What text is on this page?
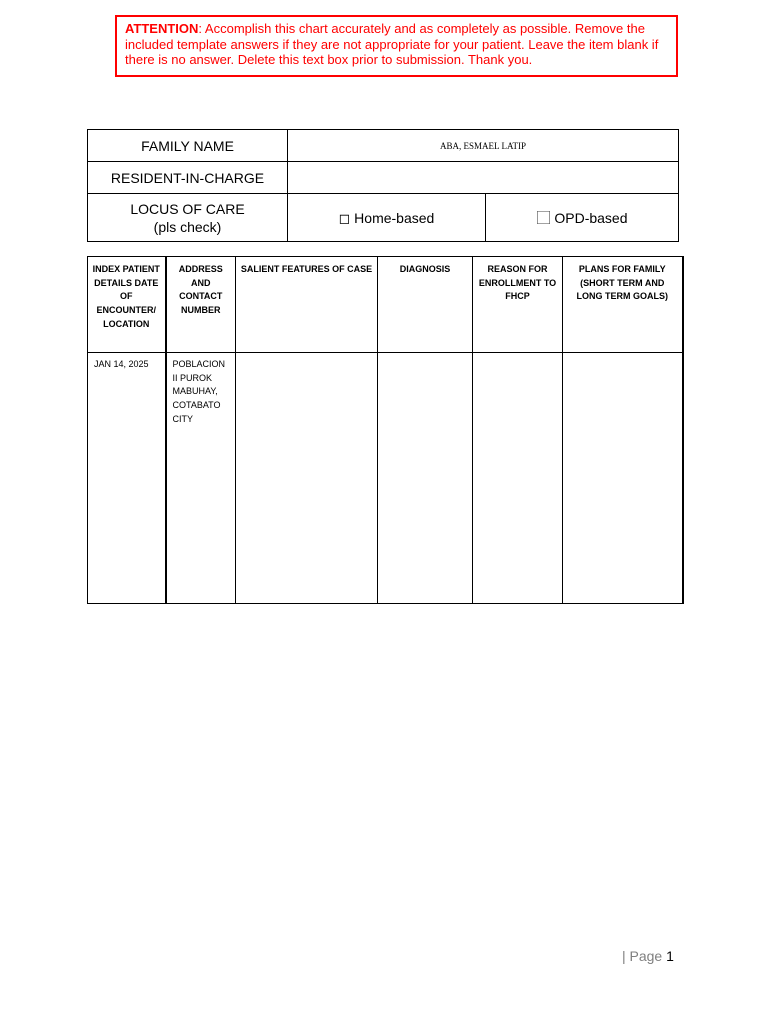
ATTENTION: Accomplish this chart accurately and as completely as possible. Remove the included template answers if they are not appropriate for your patient. Leave the item blank if there is no answer. Delete this text box prior to submission. Thank you.
FAMILY NAME	ABA, ESMAEL LATIP	
RESIDENT-IN-CHARGE		
LOCUS OF CARE
(pls check)	◻ Home-based	⃞ OPD-based
INDEX PATIENT DETAILS DATE OF ENCOUNTER/ LOCATION	ADDRESS AND CONTACT NUMBER	SALIENT FEATURES OF CASE	DIAGNOSIS	REASON FOR ENROLLMENT TO FHCP	PLANS FOR FAMILY (SHORT TERM AND LONG TERM GOALS)
JAN 14, 2025	POBLACION II PUROK MABUHAY, COTABATO CITY				
| Page 1
